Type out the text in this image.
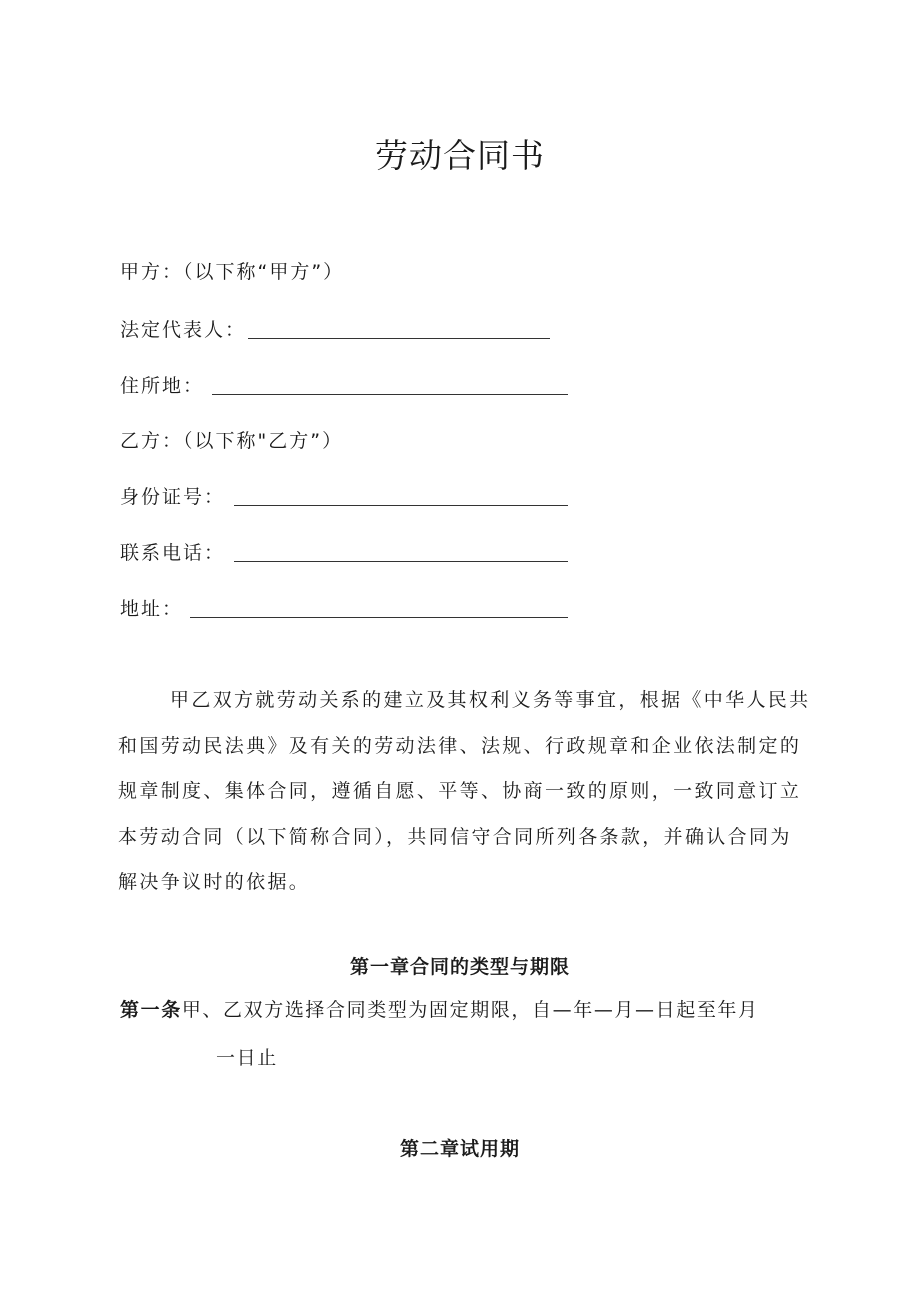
劳动合同书
甲方：（以下称“甲方”）
法定代表人：
住所地：
乙方：（以下称"乙方”）
身份证号：
联系电话：
地址：
甲乙双方就劳动关系的建立及其权利义务等事宜，根据《中华人民共
和国劳动民法典》及有关的劳动法律、法规、行政规章和企业依法制定的
规章制度、集体合同，遵循自愿、平等、协商一致的原则，一致同意订立
本劳动合同（以下简称合同），共同信守合同所列各条款，并确认合同为
解决争议时的依据。
第一章合同的类型与期限
第一条甲、乙双方选择合同类型为固定期限，自—年—月—日起至年月
一日止
第二章试用期
